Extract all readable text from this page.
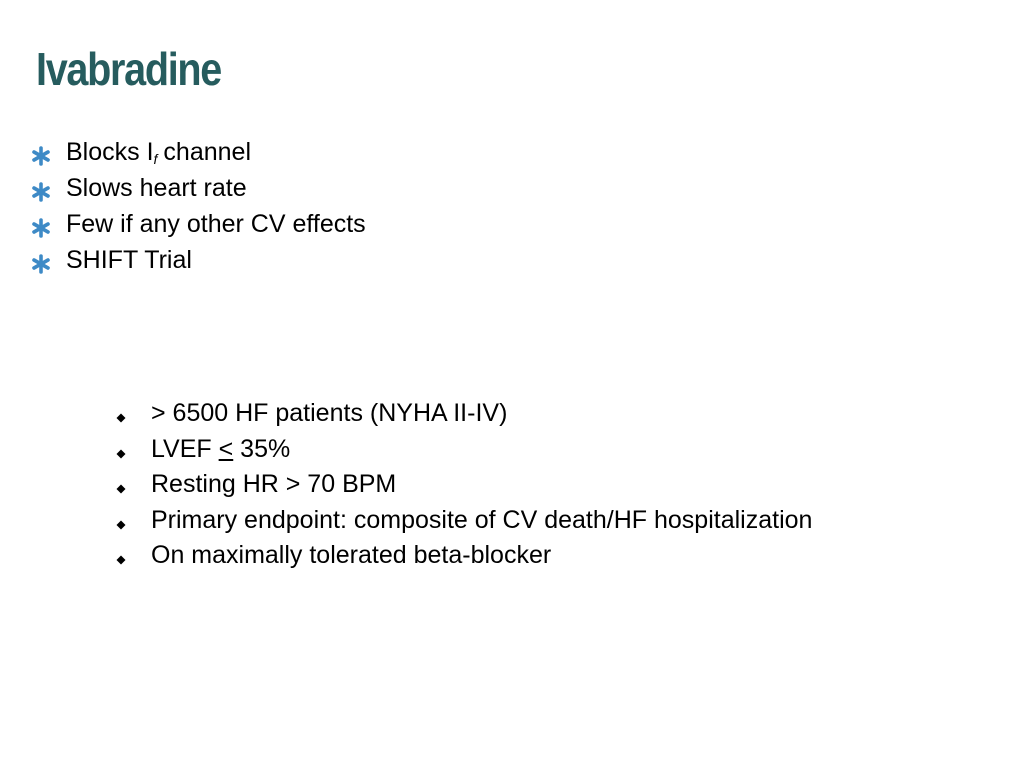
Ivabradine
Blocks $I_f$ channel
Slows heart rate
Few if any other CV effects
SHIFT Trial
> 6500 HF patients (NYHA II-IV)
LVEF ≤ 35%
Resting HR > 70 BPM
Primary endpoint: composite of CV death/HF hospitalization
On maximally tolerated beta-blocker
